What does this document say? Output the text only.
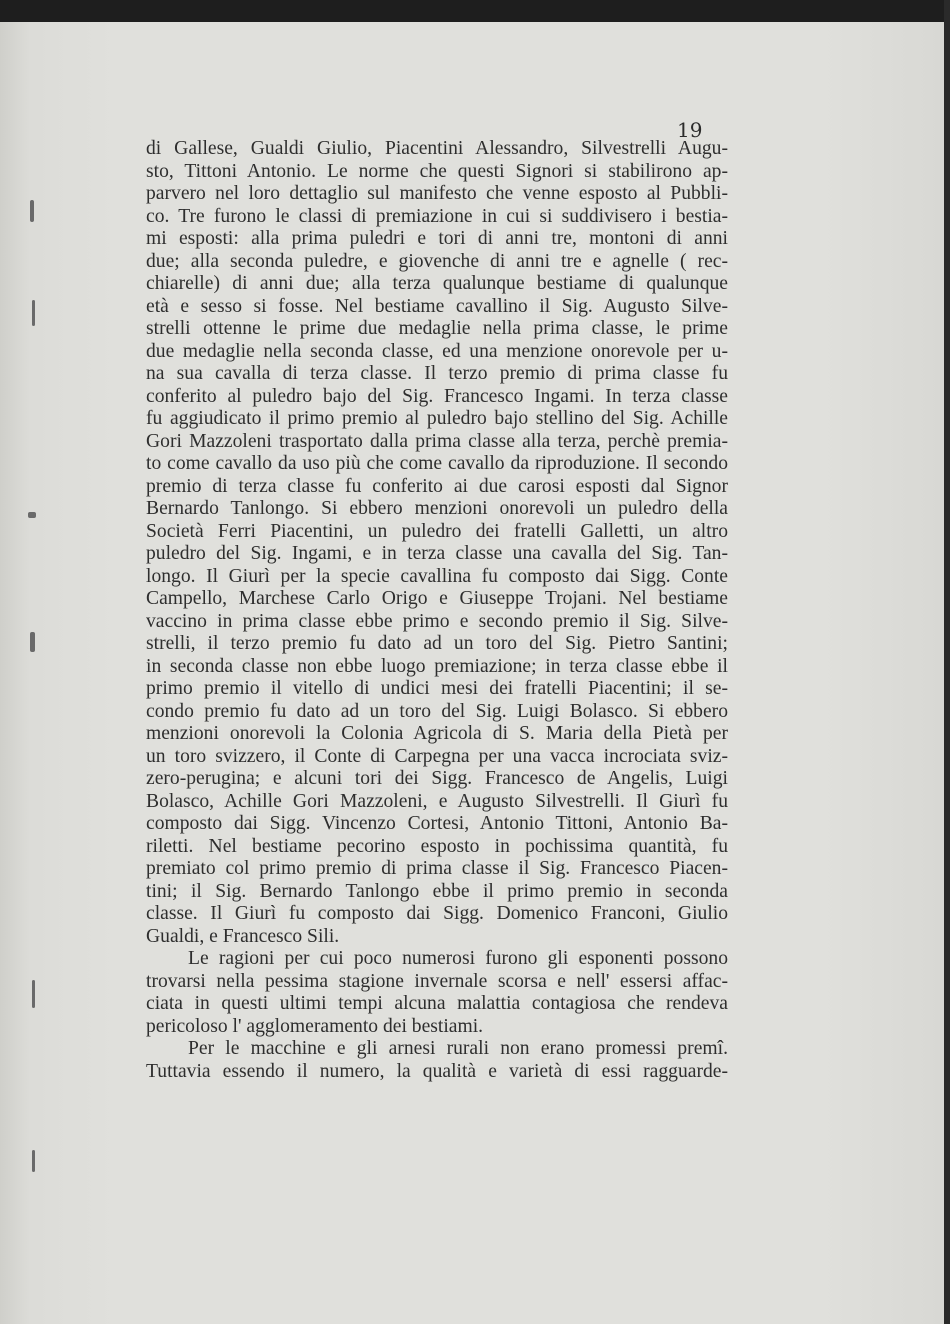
19
di Gallese, Gualdi Giulio, Piacentini Alessandro, Silvestrelli Augu-
sto, Tittoni Antonio. Le norme che questi Signori si stabilirono ap-
parvero nel loro dettaglio sul manifesto che venne esposto al Pubbli-
co. Tre furono le classi di premiazione in cui si suddivisero i bestia-
mi esposti: alla prima puledri e tori di anni tre, montoni di anni
due; alla seconda puledre, e giovenche di anni tre e agnelle ( rec-
chiarelle) di anni due; alla terza qualunque bestiame di qualunque
età e sesso si fosse. Nel bestiame cavallino il Sig. Augusto Silve-
strelli ottenne le prime due medaglie nella prima classe, le prime
due medaglie nella seconda classe, ed una menzione onorevole per u-
na sua cavalla di terza classe. Il terzo premio di prima classe fu
conferito al puledro bajo del Sig. Francesco Ingami. In terza classe
fu aggiudicato il primo premio al puledro bajo stellino del Sig. Achille
Gori Mazzoleni trasportato dalla prima classe alla terza, perchè premia-
to come cavallo da uso più che come cavallo da riproduzione. Il secondo
premio di terza classe fu conferito ai due carosi esposti dal Signor
Bernardo Tanlongo. Si ebbero menzioni onorevoli un puledro della
Società Ferri Piacentini, un puledro dei fratelli Galletti, un altro
puledro del Sig. Ingami, e in terza classe una cavalla del Sig. Tan-
longo. Il Giurì per la specie cavallina fu composto dai Sigg. Conte
Campello, Marchese Carlo Origo e Giuseppe Trojani. Nel bestiame
vaccino in prima classe ebbe primo e secondo premio il Sig. Silve-
strelli, il terzo premio fu dato ad un toro del Sig. Pietro Santini;
in seconda classe non ebbe luogo premiazione; in terza classe ebbe il
primo premio il vitello di undici mesi dei fratelli Piacentini; il se-
condo premio fu dato ad un toro del Sig. Luigi Bolasco. Si ebbero
menzioni onorevoli la Colonia Agricola di S. Maria della Pietà per
un toro svizzero, il Conte di Carpegna per una vacca incrociata sviz-
zero-perugina; e alcuni tori dei Sigg. Francesco de Angelis, Luigi
Bolasco, Achille Gori Mazzoleni, e Augusto Silvestrelli. Il Giurì fu
composto dai Sigg. Vincenzo Cortesi, Antonio Tittoni, Antonio Ba-
riletti. Nel bestiame pecorino esposto in pochissima quantità, fu
premiato col primo premio di prima classe il Sig. Francesco Piacen-
tini; il Sig. Bernardo Tanlongo ebbe il primo premio in seconda
classe. Il Giurì fu composto dai Sigg. Domenico Franconi, Giulio
Gualdi, e Francesco Sili.
Le ragioni per cui poco numerosi furono gli esponenti possono
trovarsi nella pessima stagione invernale scorsa e nell' essersi affac-
ciata in questi ultimi tempi alcuna malattia contagiosa che rendeva
pericoloso l' agglomeramento dei bestiami.
Per le macchine e gli arnesi rurali non erano promessi premî.
Tuttavia essendo il numero, la qualità e varietà di essi ragguarde-
